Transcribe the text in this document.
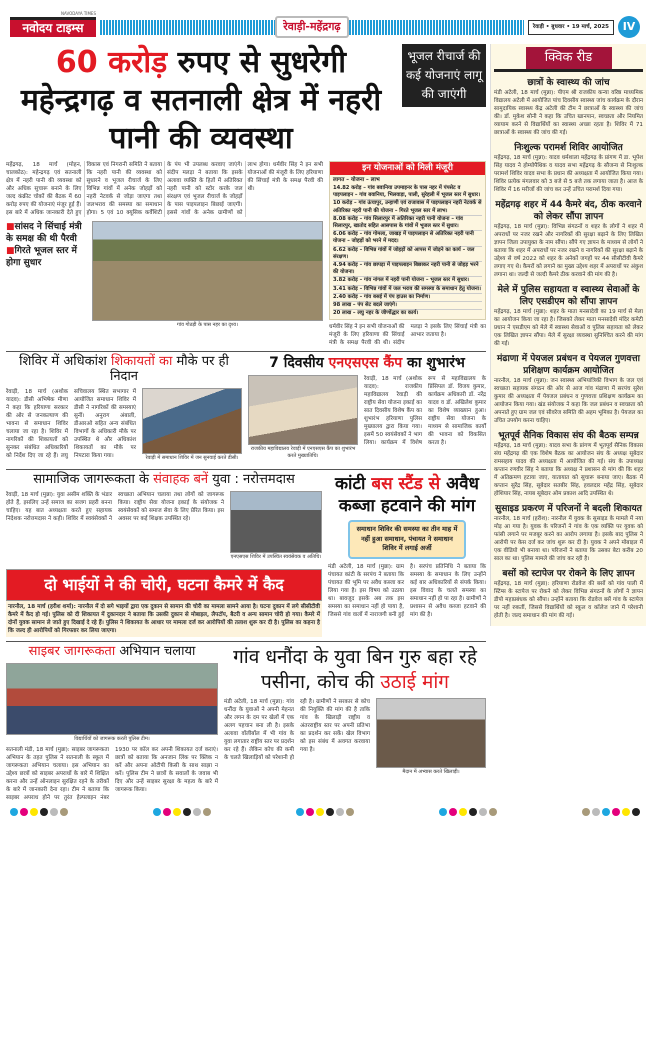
NAVODAYA TIMES
नवोदय टाइम्स	रेवाड़ी-महेंद्रगढ़	रेवाड़ी • बुधवार • 19 मार्च, 2025	IV
60 करोड़ रुपए से सुधरेगी महेन्द्रगढ़ व सतनाली क्षेत्र में नहरी पानी की व्यवस्था
भूजल रीचार्ज की कई योजनाएं लागू की जाएंगी
महेंद्रगढ़, 18 मार्च (मोहन, चालकोठ): महेन्द्रगढ़ एवं सतनाली क्षेत्र में नहरी पानी की व्यवस्था को और अधिक सुचारू बनाने के लिए जल्द कंक्रीट चोकों की बैठक में 60 करोड़ रुपए की योजनाएं मंजूर हुई हैं। इस बारे में अधिक जानकारी देते हुए विकास एवं निगरानी समिति ने बताया कि नहरी पानी की व्यवस्था को सुधारने व भूजल रीचार्ज के लिए विभिन्न गांवों में अनेक जोहड़ों को नहरी नेटवर्क से जोड़ा जाएगा तथा जलभराव की समस्या का समाधान होगा। 5 एवं 10 क्यूसिक कर्वेशिटी के पंप भी उपलब्ध करवाए जाएंगे। संदीप मलड़ा ने बताया कि इसके अलावा व्यक्ति के हितों में अतिरिक्त नहरी पानी को स्टोर करके जल संरक्षण एवं भूजल रीचार्ज के जोहड़ों के पास पाइपलाइन बिछाई जाएगी। इससे गांवों के अनेक ग्रामीणों को लाभ होगा। धर्मवीर सिंह ने इन सभी योजनाओं की मंजूरी के लिए हरियाणा की सिंचाई मंत्री के समक्ष पैरवी की थी।
■सांसद ने सिंचाई मंत्री के समक्ष की थी पैरवी
■गिरते भूजल स्तर में होगा सुधार
गांव गोठड़ी के पास नहर का दृश्य।
इन योजनाओं को मिली मंजूरी
लागत – योजना – लाभ
14.82 करोड़ – गांव बवानिया उपमाइनर के पास नहर में पंपसेट व पाइपलाइन – गांव बवानिया, भिलवाड़ा, पाली, सुरेहली में भूजल स्तर में सुधार।
10 करोड़ – गांव ऊंचापुर, उन्हाणी एवं राजावास में पाइपलाइन नहरी नेटवर्क से अतिरिक्त नहरी पानी की योजना – गिरते भूजल स्तर में लाभ।
8.08 करोड़ – गांव सिलारपुर में अतिरिक्त नहरी पानी योजना – गांव सिलारपुर, खातोद सहित आसपास के गांवों में भूजल स्तर में सुधार।
6.06 करोड़ – गांव गोमला, जाखड़ में पाइपलाइन से अतिरिक्त नहरी पानी योजना – जोहड़ों को भरने में मदद।
6.62 करोड़ – विभिन्न गांवों में जोहड़ों को आपस में जोड़ने का कार्य – जल संरक्षण।
4.94 करोड़ – गांव छापड़ा में पाइपलाइन बिछाकर नहरी पानी से जोहड़ भरने की योजना।
3.82 करोड़ – गांव नांगल में नहरी पानी योजना – भूजल स्तर में सुधार।
3.41 करोड़ – विभिन्न गांवों में जल भराव की समस्या के समाधान हेतु योजना।
2.40 करोड़ – गांव बसई में पंप हाउस का निर्माण।
98 लाख – पंप सेट बदले जाएंगे।
20 लाख – लघु नहर के जीर्णोद्धार का कार्य।
धर्मवीर सिंह ने इन सभी योजनाओं की मंजूरी के लिए हरियाणा की सिंचाई मंत्री के समक्ष पैरवी की थी। संदीप मलड़ा ने इसके लिए सिंचाई मंत्री का आभार जताया है।
शिविर में अधिकांश शिकायतों का मौके पर ही निदान
रेवाड़ी, 18 मार्च (अशोक यादव): डीसी अभिषेक मीणा ने कहा कि हरियाणा सरकार की ओर से जनकल्याण की भावना से समाधान शिविर चलाया जा रहा है। शिविर में नागरिकों की शिकायतों को सुनकर संबंधित अधिकारियों को निर्देश दिए जा रहे हैं। लघु सचिवालय स्थित सभागार में आयोजित समाधान शिविर में डीसी ने नागरिकों की समस्याएं सुनीं। अनुराग अंबाली, डीआरओ सहित अन्य संबंधित विभागों के अधिकारी मौके पर उपस्थित थे और अधिकांश शिकायतों का मौके पर निपटारा किया गया।	रेवाड़ी में समाधान शिविर में जन सुनवाई करते डीसी।
7 दिवसीय एनएसएस कैंप का शुभारंभ
राजकीय महाविद्यालय रेवाड़ी में एनएसएस कैंप का शुभारंभ करते मुख्यातिथि।
रेवाड़ी, 18 मार्च (अशोक यादव): राजकीय महाविद्यालय रेवाड़ी की राष्ट्रीय सेवा योजना इकाई का सात दिवसीय विशेष कैंप का शुभारंभ हरियाणा पुलिस मुख्यालय द्वारा किया गया। इसमें 50 स्वयंसेवकों ने भाग लिया। कार्यक्रम में विशेष रूप से महाविद्यालय के प्रिंसिपल डॉ. विजय कुमार, कार्यक्रम अधिकारी डॉ. नरेंद्र यादव व डॉ. अखिलेश कुमार का विशेष व्याख्यान हुआ। राष्ट्रीय सेवा योजना के माध्यम से सामाजिक कार्यों की भावना को विकसित करता है।
सामाजिक जागरूकता के संवाहक बनें युवा : नरोत्तमदास
रेवाड़ी, 18 मार्च (मुन्ना): युवा असीम शक्ति के भंडार होते हैं, इसलिए उन्हें समाज का सजग प्रहरी बनना चाहिए। यह बात अध्यक्षता करते हुए सहायक निदेशक नरोत्तमदास ने कही। शिविर में स्वयंसेवकों ने स्वच्छता अभियान चलाया तथा लोगों को जागरूक किया। राष्ट्रीय सेवा योजना इकाई के संयोजक ने स्वयंसेवकों को समाज सेवा के लिए प्रेरित किया। इस अवसर पर कई शिक्षक उपस्थित रहे।
एनएसएस शिविर में उपस्थित स्वयंसेवक व अतिथि।
दो भाईयों ने की चोरी, घटना कैमरे में कैद
नारनौल, 18 मार्च (हरीश शर्मा): नारनौल में दो सगे भाइयों द्वारा एक दुकान से सामान की चोरी का मामला सामने आया है। घटना दुकान में लगे सीसीटीवी कैमरे में कैद हो गई। पुलिस को दी शिकायत में दुकानदार ने बताया कि उसकी दुकान से मोबाइल, लैपटॉप, बैटरी व अन्य सामान चोरी हो गया। कैमरे में दोनों युवक सामान ले जाते हुए दिखाई दे रहे हैं। पुलिस ने शिकायत के आधार पर मामला दर्ज कर आरोपियों की तलाश शुरू कर दी है। पुलिस का कहना है कि जल्द ही आरोपियों को गिरफ्तार कर लिया जाएगा।
कांटी बस स्टैंड से अवैध कब्जा हटवाने की मांग
समाधान शिविर की समस्या का तीन माह में नहीं हुआ समाधान, पंचायत ने समाधान शिविर में लगाई अर्जी
मंडी अटेली, 18 मार्च (मुन्ना): ग्राम पंचायत कांटी के सरपंच ने बताया कि पंचायत की भूमि पर अवैध कब्जा कर लिया गया है। इस विषय को उठाया था। बावजूद इसके अब तक इस समस्या का समाधान नहीं हो पाया है, जिससे गांव वालों में नाराजगी बनी हुई है। सरपंच प्रतिनिधि ने बताया कि समस्या के समाधान के लिए उन्होंने कई बार अधिकारियों से संपर्क किया। इस विवाद के चलते समस्या का समाधान नहीं हो पा रहा है। ग्रामीणों ने प्रशासन से अवैध कब्जा हटवाने की मांग की है।
साइबर जागरूकता अभियान चलाया
विद्यार्थियों को जागरूक करती पुलिस टीम।
सतनाली मंडी, 18 मार्च (मुन्ना): साइबर जागरूकता अभियान के तहत पुलिस ने सतनाली के स्कूल में जागरूकता अभियान चलाया। इस अभियान का उद्देश्य छात्रों को साइबर अपराधों के बारे में शिक्षित करना और उन्हें ऑनलाइन सुरक्षित रहने के तरीकों के बारे में जानकारी देना रहा। टीम ने बताया कि साइबर अपराध होने पर तुरंत हेल्पलाइन नंबर 1930 पर कॉल कर अपनी शिकायत दर्ज कराएं। छात्रों को बताया कि अनजान लिंक पर क्लिक न करें और अपना ओटीपी किसी के साथ साझा न करें। पुलिस टीम ने छात्रों के सवालों के जवाब भी दिए और उन्हें साइबर सुरक्षा के महत्व के बारे में जागरूक किया।
गांव धनौंदा के युवा बिन गुरु बहा रहे पसीना, कोच की उठाई मांग
मंडी अटेली, 18 मार्च (मुन्ना): गांव धनौंदा के युवाओं ने अपनी मेहनत और लगन के दम पर खेलों में एक अलग पहचान बना ली है। इसके अलावा वॉलीबॉल में भी गांव के युवा लगातार राष्ट्रीय स्तर पर प्रदर्शन कर रहे हैं। लेकिन कोच की कमी के चलते खिलाड़ियों को परेशानी हो रही है। ग्रामीणों ने सरकार से कोच की नियुक्ति की मांग की है ताकि गांव के खिलाड़ी राष्ट्रीय व अंतरराष्ट्रीय स्तर पर अपनी प्रतिभा का प्रदर्शन कर सकें। खेल विभाग को इस संबंध में अवगत करवाया गया है।
मैदान में अभ्यास करते खिलाड़ी।
क्विक रीड
छात्रों के स्वास्थ्य की जांच
मंडी अटेली, 18 मार्च (मुन्ना): पीएम श्री राजकीय कन्या वरिष्ठ माध्यमिक विद्यालय अटेली में आयोजित पांच दिवसीय स्वास्थ्य जांच कार्यक्रम के दौरान सामुदायिक स्वास्थ्य केंद्र अटेली की टीम ने छात्राओं के स्वास्थ्य की जांच की। डॉ. मुकेश सोनी ने कहा कि उचित खानपान, स्वच्छता और नियमित व्यायाम करने से विद्यार्थियों का स्वास्थ्य अच्छा रहता है। शिविर में 71 छात्राओं के स्वास्थ्य की जांच की गई।
निःशुल्क परामर्श शिविर आयोजित
महेंद्रगढ़, 18 मार्च (मुन्ना): यादव धर्मशाला महेंद्रगढ़ के प्रांगण में डा. भूपेश सिंह यादव ने होम्योपैथिक व यादव सभा महेंद्रगढ़ के सौजन्य से निःशुल्क परामर्श शिविर यादव सभा के प्रधान की अध्यक्षता में आयोजित किया गया। शिविर प्रत्येक मंगलवार को 3 बजे से 5 बजे तक लगाया जाता है। आज के शिविर में 16 मरीजों की जांच कर उन्हें उचित परामर्श दिया गया।
महेंद्रगढ़ शहर में 44 कैमरे बंद, ठीक करवाने को लेकर सौंपा ज्ञापन
महेंद्रगढ़, 18 मार्च (मुन्ना): विभिन्न संगठनों व शहर के लोगों ने शहर में अपराधों पर नजर रखने और नागरिकों की सुरक्षा बढ़ाने के लिए लिखित ज्ञापन जिला उपायुक्त के नाम सौंपा। सौंपे गए ज्ञापन के माध्यम से लोगों ने बताया कि शहर में अपराधों पर नजर रखने व नागरिकों की सुरक्षा बढ़ाने के उद्देश्य से वर्ष 2022 को शहर के अनेकों जगहों पर 44 सीसीटीवी कैमरे लगाए गए थे। कैमरों को लगाने का मुख्य उद्देश्य शहर में अपराधों पर अंकुश लगाना था। जल्दी से जल्दी कैमरे ठीक करवाने की मांग की है।
मेले में पुलिस सहायता व स्वास्थ्य सेवाओं के लिए एसडीएम को सौंपा ज्ञापन
महेंद्रगढ़, 18 मार्च (मुन्ना): शहर के माता मनसादेवी का 19 मार्च से मेला का आयोजन किया जा रहा है। जिसको लेकर माता मनसादेवी मंदिर कमेटी प्रधान ने एसडीएम को मेले में स्वास्थ्य सेवाओं व पुलिस सहायता को लेकर एक लिखित ज्ञापन सौंपा। मेले में सुरक्षा व्यवस्था सुनिश्चित करने की मांग की गई।
मंढाणा में पेयजल प्रबंधन व पेयजल गुणवत्ता प्रशिक्षण कार्यक्रम आयोजित
नारनौल, 18 मार्च (मुन्ना): जन स्वास्थ्य अभियांत्रिकी विभाग के जल एवं स्वच्छता सहायक संगठन की ओर से आज गांव मंढाणा में सरपंच सुरेश कुमार की अध्यक्षता में पेयजल प्रबंधन व गुणवत्ता प्रशिक्षण कार्यक्रम का आयोजन किया गया। खंड संयोजक ने कहा कि जल प्रबंधन व स्वच्छता को अपनाते हुए ग्राम जल एवं सीवरेज समिति की अहम भूमिका है। पेयजल का उचित उपयोग करना चाहिए।
भूतपूर्व सैनिक विकास संघ की बैठक सम्पन्न
महेंद्रगढ़, 18 मार्च (मुन्ना): यादव सभा के प्रांगण में भूतपूर्व सैनिक विकास संघ महेंद्रगढ़ की एक विशेष बैठक का आयोजन संघ के अध्यक्ष सूबेदार रामसहाय यादव की अध्यक्षता में आयोजित की गई। संघ के उपाध्यक्ष कप्तान रणवीर सिंह ने बताया कि अध्यक्ष ने प्रशासन से मांग की कि शहर में अतिक्रमण हटाया जाए, यातायात को सुचारू बनाया जाए। बैठक में कप्तान सुरेंद्र सिंह, सूबेदार सतबीर सिंह, हवलदार महेंद्र सिंह, सूबेदार होशियार सिंह, नायब सूबेदार ओम प्रकाश आदि उपस्थित थे।
सुसाइड प्रकरण में परिजनों ने बदली शिकायत
नारनौल, 18 मार्च (हरीश): नारनौल में युवक के सुसाइड के मामले में नया मोड़ आ गया है। युवक के परिजनों ने गांव के एक व्यक्ति पर युवक को फांसी लगाने पर मजबूर करने का आरोप लगाया है। इसके बाद पुलिस ने आरोपी पर केस दर्ज कर जांच शुरू कर दी है। युवक ने अपने मोबाइल में एक वीडियो भी बनाया था। परिजनों ने बताया कि उसका बेटा करीब 20 साल का था। पुलिस मामले की जांच कर रही है।
बसों को स्टापेज पर रोकने के लिए ज्ञापन
महेंद्रगढ़, 18 मार्च (मुन्ना): हरियाणा रोडवेज की बसों को गांव पाली में स्टिंग्स के स्टापेज पर रोकने को लेकर विभिन्न संगठनों के लोगों ने ज्ञापन डीपो महाप्रबंधक को सौंपा। उन्होंने बताया कि रोडवेज बसें गांव के स्टापेज पर नहीं रुकतीं, जिससे विद्यार्थियों को स्कूल व कॉलेज जाने में परेशानी होती है। जल्द समाधान की मांग की गई।
